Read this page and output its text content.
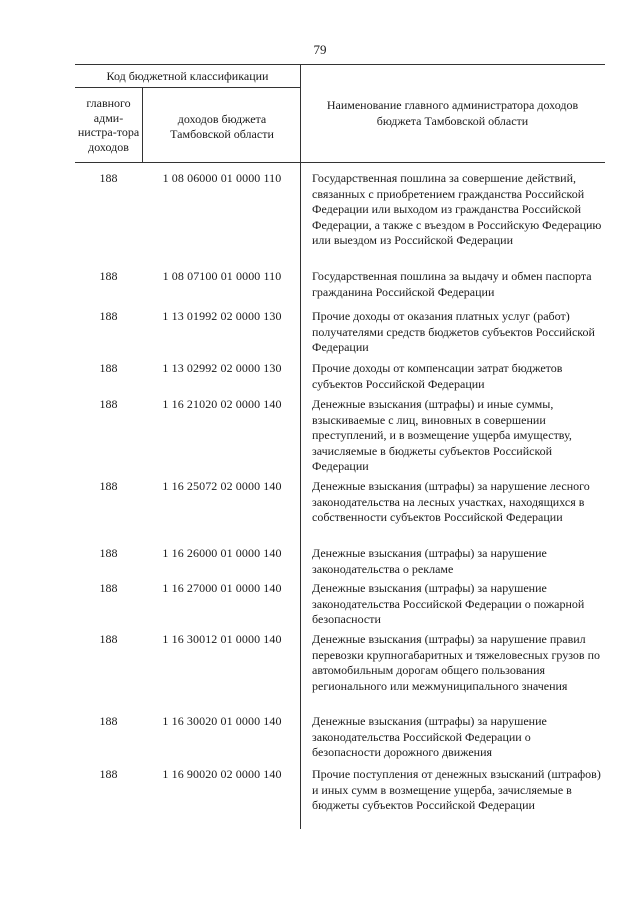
79
Код бюджетной классификации
главного адми-нистра-тора доходов
доходов бюджета Тамбовской области
Наименование главного администратора доходов бюджета Тамбовской области
188	1 08 06000 01 0000 110	Государственная пошлина за совершение действий, связанных с приобретением гражданства Российской Федерации или выходом из гражданства Российской Федерации, а также с въездом в Российскую Федерацию или выездом из Российской Федерации
188	1 08 07100 01 0000 110	Государственная пошлина за выдачу и обмен паспорта гражданина Российской Федерации
188	1 13 01992 02 0000 130	Прочие доходы от оказания платных услуг (работ) получателями средств бюджетов субъектов Российской Федерации
188	1 13 02992 02 0000 130	Прочие доходы от компенсации затрат бюджетов субъектов Российской Федерации
188	1 16 21020 02 0000 140	Денежные взыскания (штрафы) и иные суммы, взыскиваемые с лиц, виновных в совершении преступлений, и в возмещение ущерба имуществу, зачисляемые в бюджеты субъектов Российской Федерации
188	1 16 25072 02 0000 140	Денежные взыскания (штрафы) за нарушение лесного законодательства на лесных участках, находящихся в собственности субъектов Российской Федерации
188	1 16 26000 01 0000 140	Денежные взыскания (штрафы) за нарушение законодательства о рекламе
188	1 16 27000 01 0000 140	Денежные взыскания (штрафы) за нарушение законодательства Российской Федерации о пожарной безопасности
188	1 16 30012 01 0000 140	Денежные взыскания (штрафы) за нарушение правил перевозки крупногабаритных и тяжеловесных грузов по автомобильным дорогам общего пользования регионального или межмуниципального значения
188	1 16 30020 01 0000 140	Денежные взыскания (штрафы) за нарушение законодательства Российской Федерации о безопасности дорожного движения
188	1 16 90020 02 0000 140	Прочие поступления от денежных взысканий (штрафов) и иных сумм в возмещение ущерба, зачисляемые в бюджеты субъектов Российской Федерации
